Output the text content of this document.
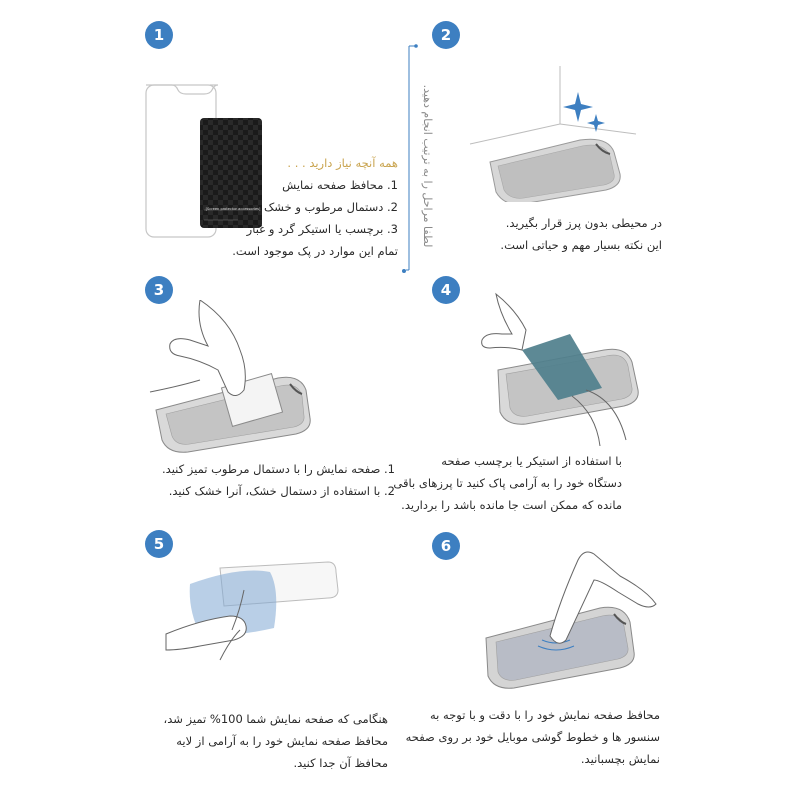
1
[Screen protector accessories]
همه آنچه نیاز دارید . . .
1. محافظ صفحه نمایش
2. دستمال مرطوب و خشک
3. برچسب یا استیکر گرد و غبار
تمام این موارد در پک موجود است.
لطفا مراحل را به ترتیب انجام دهید.
2
در محیطی بدون پرز قرار بگیرید.
این نکته بسیار مهم و حیاتی است.
3
1. صفحه نمایش را با دستمال مرطوب تمیز کنید.
2. با استفاده از دستمال خشک، آنرا خشک کنید.
4
با استفاده از استیکر یا برچسب صفحه
دستگاه خود را به آرامی پاک کنید تا پرزهای باقی
مانده که ممکن است جا مانده باشد را بردارید.
5
هنگامی که صفحه نمایش شما 100% تمیز شد،
محافظ صفحه نمایش خود را به آرامی از لایه
محافظ آن جدا کنید.
6
محافظ صفحه نمایش خود را با دقت و با توجه به
سنسور ها و خطوط گوشی موبایل خود بر روی صفحه
نمایش بچسبانید.
